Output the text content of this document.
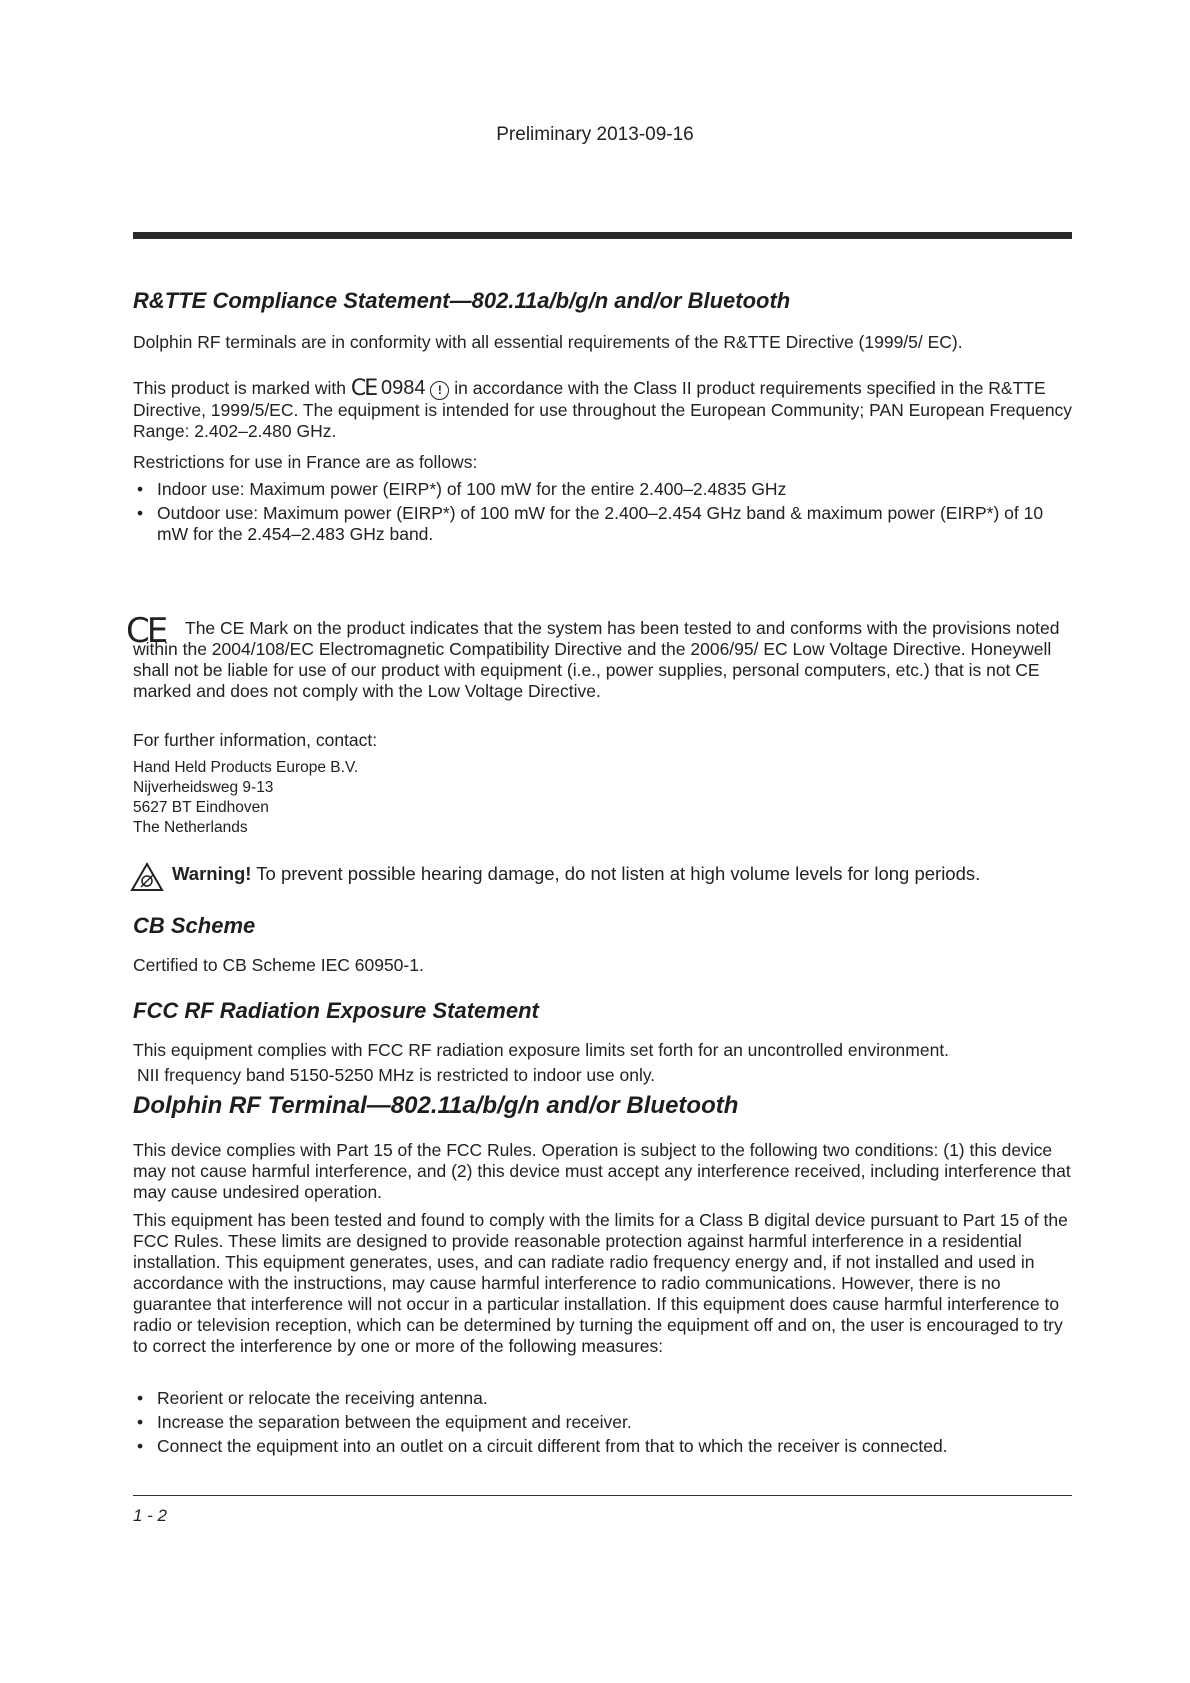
Preliminary 2013-09-16
R&TTE Compliance Statement—802.11a/b/g/n and/or Bluetooth

Dolphin RF terminals are in conformity with all essential requirements of the R&TTE Directive (1999/5/ EC).

This product is marked with CE 0984 ! in accordance with the Class II product requirements specified in the R&TTE Directive, 1999/5/EC. The equipment is intended for use throughout the European Community; PAN European Frequency Range: 2.402–2.480 GHz.

Restrictions for use in France are as follows:

• Indoor use: Maximum power (EIRP*) of 100 mW for the entire 2.400–2.4835 GHz

• Outdoor use: Maximum power (EIRP*) of 100 mW for the 2.400–2.454 GHz band & maximum power (EIRP*) of 10 mW for the 2.454–2.483 GHz band.

CE	The CE Mark on the product indicates that the system has been tested to and conforms with the provisions noted within the 2004/108/EC Electromagnetic Compatibility Directive and the 2006/95/ EC Low Voltage Directive. Honeywell shall not be liable for use of our product with equipment (i.e., power supplies, personal computers, etc.) that is not CE marked and does not comply with the Low Voltage Directive.

For further information, contact:

Hand Held Products Europe B.V.
Nijverheidsweg 9-13
5627 BT Eindhoven
The Netherlands

Warning! To prevent possible hearing damage, do not listen at high volume levels for long periods.

CB Scheme

Certified to CB Scheme IEC 60950-1.

FCC RF Radiation Exposure Statement

This equipment complies with FCC RF radiation exposure limits set forth for an uncontrolled environment.

NII frequency band 5150-5250 MHz is restricted to indoor use only.

Dolphin RF Terminal—802.11a/b/g/n and/or Bluetooth

This device complies with Part 15 of the FCC Rules. Operation is subject to the following two conditions: (1) this device may not cause harmful interference, and (2) this device must accept any interference received, including interference that may cause undesired operation.

This equipment has been tested and found to comply with the limits for a Class B digital device pursuant to Part 15 of the FCC Rules. These limits are designed to provide reasonable protection against harmful interference in a residential installation. This equipment generates, uses, and can radiate radio frequency energy and, if not installed and used in accordance with the instructions, may cause harmful interference to radio communications. However, there is no guarantee that interference will not occur in a particular installation. If this equipment does cause harmful interference to radio or television reception, which can be determined by turning the equipment off and on, the user is encouraged to try to correct the interference by one or more of the following measures:

• Reorient or relocate the receiving antenna.

• Increase the separation between the equipment and receiver.

• Connect the equipment into an outlet on a circuit different from that to which the receiver is connected.

1 - 2
